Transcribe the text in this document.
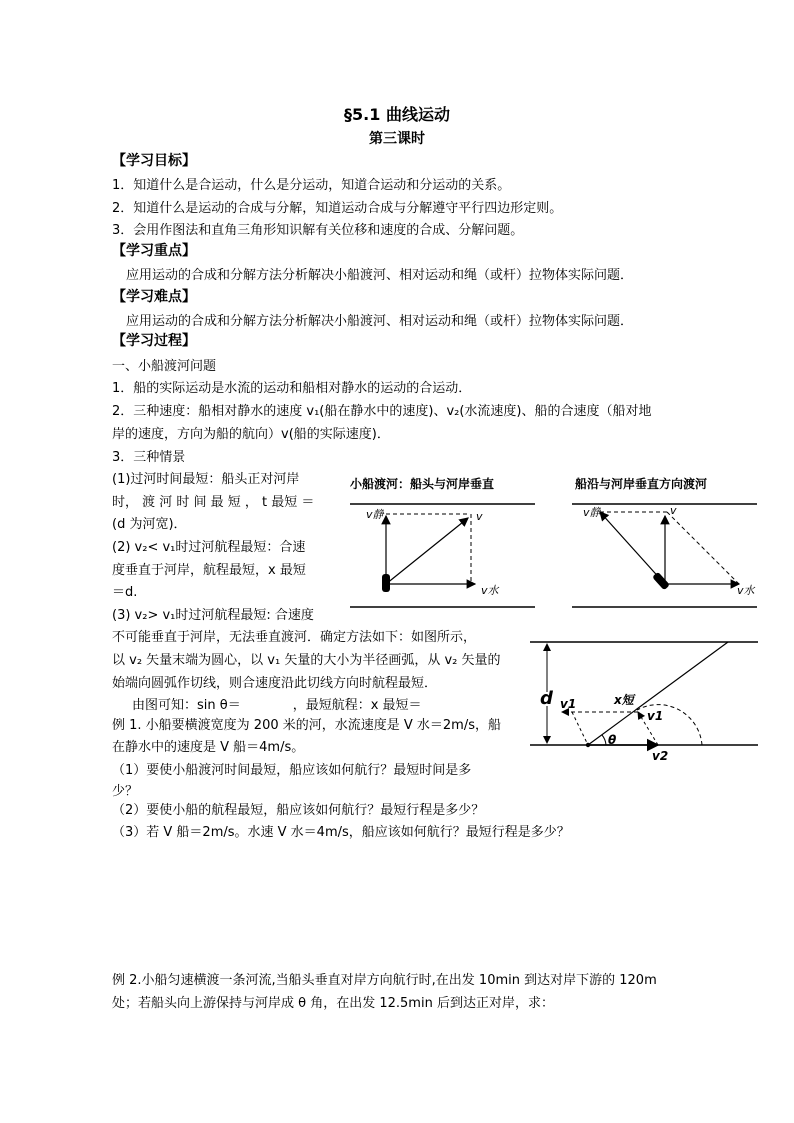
§5.1 曲线运动
第三课时
【学习目标】
1．知道什么是合运动，什么是分运动，知道合运动和分运动的关系。
2．知道什么是运动的合成与分解，知道运动合成与分解遵守平行四边形定则。
3．会用作图法和直角三角形知识解有关位移和速度的合成、分解问题。
【学习重点】
应用运动的合成和分解方法分析解决小船渡河、相对运动和绳（或杆）拉物体实际问题．
【学习难点】
应用运动的合成和分解方法分析解决小船渡河、相对运动和绳（或杆）拉物体实际问题．
【学习过程】
一、小船渡河问题
1．船的实际运动是水流的运动和船相对静水的运动的合运动．
2．三种速度：船相对静水的速度 v₁(船在静水中的速度)、v₂(水流速度)、船的合速度（船对地
岸的速度，方向为船的航向）v(船的实际速度)．
3．三种情景
(1)过河时间最短：船头正对河岸
时， 渡 河 时 间 最 短 ， t 最短 ＝
(d 为河宽)．
(2) v₂< v₁时过河航程最短：合速
度垂直于河岸，航程最短，x 最短
＝d.
(3) v₂> v₁时过河航程最短: 合速度
不可能垂直于河岸，无法垂直渡河．确定方法如下：如图所示，
以 v₂ 矢量末端为圆心，以 v₁ 矢量的大小为半径画弧，从 v₂ 矢量的
始端向圆弧作切线，则合速度沿此切线方向时航程最短．
由图可知：sin θ＝　　　　，最短航程：x 最短＝
例 1. 小船要横渡宽度为 200 米的河，水流速度是 V 水＝2m/s，船
在静水中的速度是 V 船＝4m/s。
（1）要使小船渡河时间最短，船应该如何航行？最短时间是多
少？
（2）要使小船的航程最短，船应该如何航行？最短行程是多少？
（3）若 V 船＝2m/s。水速 V 水＝4m/s，船应该如何航行？最短行程是多少？
例 2.小船匀速横渡一条河流,当船头垂直对岸方向航行时,在出发 10min 到达对岸下游的 120m
处；若船头向上游保持与河岸成 θ 角，在出发 12.5min 后到达正对岸，求：
小船渡河：船头与河岸垂直
v静	v
v水
船沿与河岸垂直方向渡河
v静	v
v水
d v1	x短
v1
θ
v2
